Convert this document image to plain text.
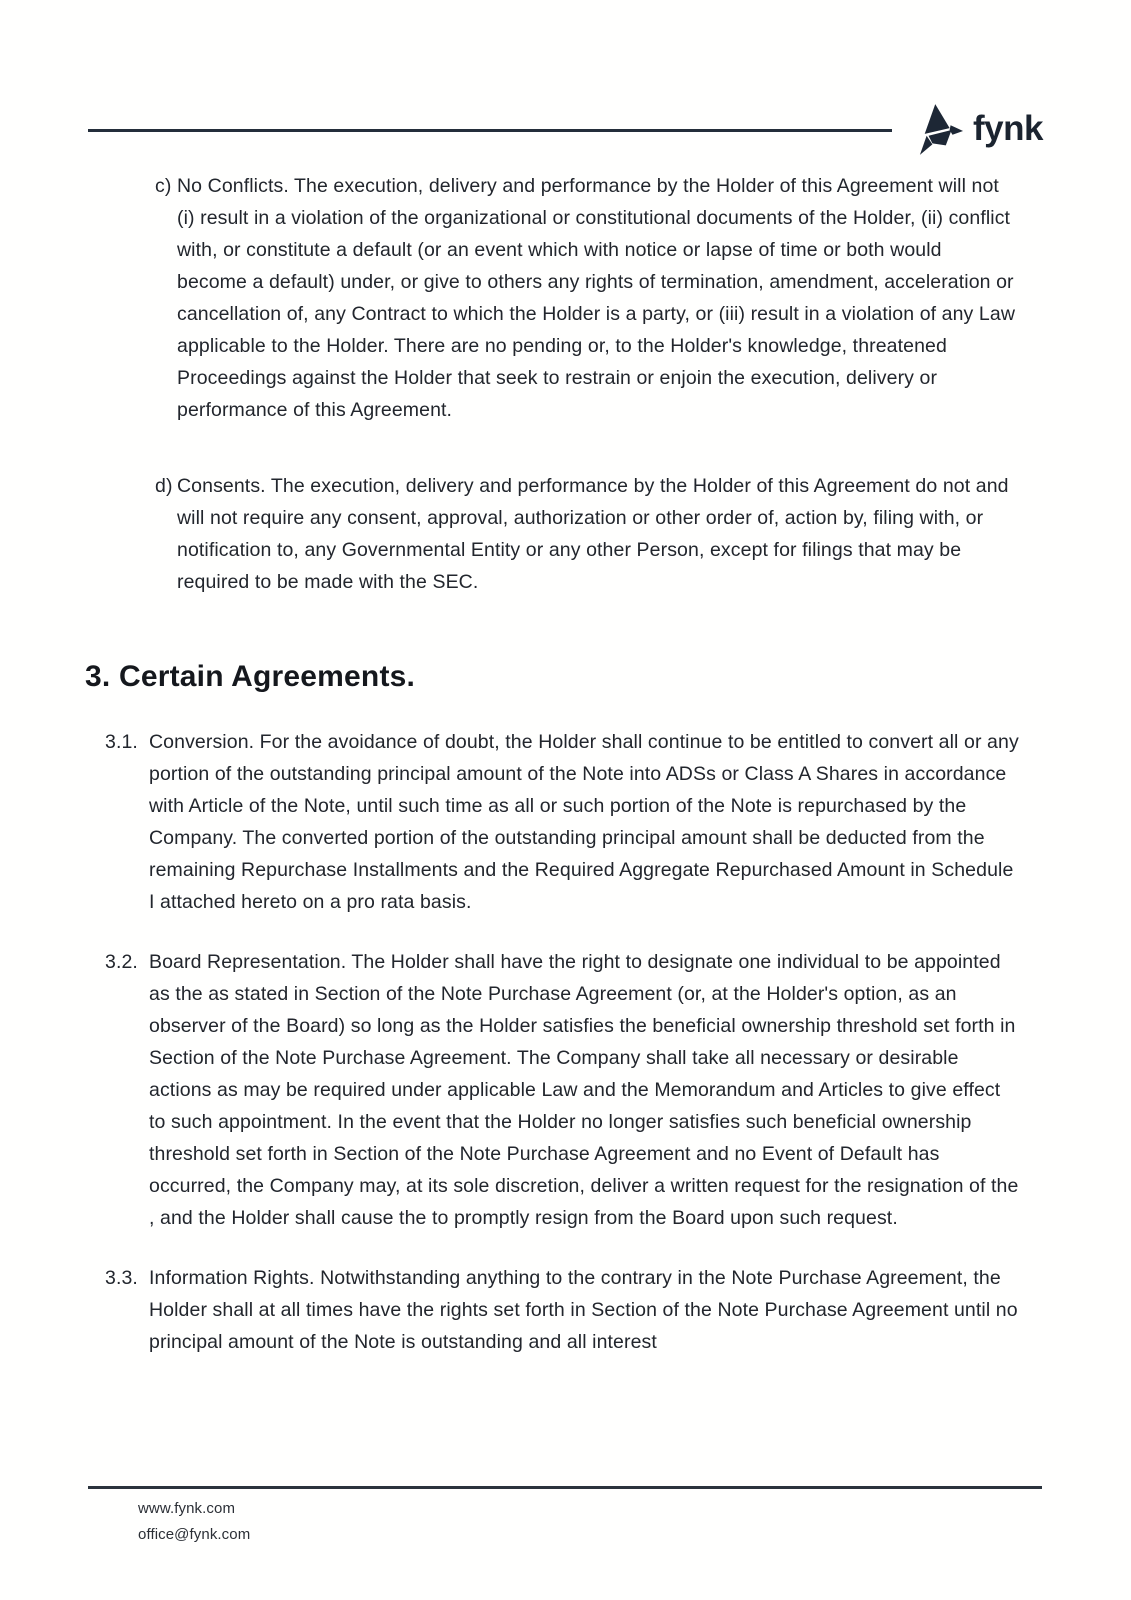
fynk
c) No Conflicts. The execution, delivery and performance by the Holder of this Agreement will not (i) result in a violation of the organizational or constitutional documents of the Holder, (ii) conflict with, or constitute a default (or an event which with notice or lapse of time or both would become a default) under, or give to others any rights of termination, amendment, acceleration or cancellation of, any Contract to which the Holder is a party, or (iii) result in a violation of any Law applicable to the Holder. There are no pending or, to the Holder's knowledge, threatened Proceedings against the Holder that seek to restrain or enjoin the execution, delivery or performance of this Agreement.
d) Consents. The execution, delivery and performance by the Holder of this Agreement do not and will not require any consent, approval, authorization or other order of, action by, filing with, or notification to, any Governmental Entity or any other Person, except for filings that may be required to be made with the SEC.
3. Certain Agreements.
3.1. Conversion. For the avoidance of doubt, the Holder shall continue to be entitled to convert all or any portion of the outstanding principal amount of the Note into ADSs or Class A Shares in accordance with Article of the Note, until such time as all or such portion of the Note is repurchased by the Company. The converted portion of the outstanding principal amount shall be deducted from the remaining Repurchase Installments and the Required Aggregate Repurchased Amount in Schedule I attached hereto on a pro rata basis.
3.2. Board Representation. The Holder shall have the right to designate one individual to be appointed as the as stated in Section of the Note Purchase Agreement (or, at the Holder's option, as an observer of the Board) so long as the Holder satisfies the beneficial ownership threshold set forth in Section of the Note Purchase Agreement. The Company shall take all necessary or desirable actions as may be required under applicable Law and the Memorandum and Articles to give effect to such appointment. In the event that the Holder no longer satisfies such beneficial ownership threshold set forth in Section of the Note Purchase Agreement and no Event of Default has occurred, the Company may, at its sole discretion, deliver a written request for the resignation of the , and the Holder shall cause the to promptly resign from the Board upon such request.
3.3. Information Rights. Notwithstanding anything to the contrary in the Note Purchase Agreement, the Holder shall at all times have the rights set forth in Section of the Note Purchase Agreement until no principal amount of the Note is outstanding and all interest
www.fynk.com
office@fynk.com
